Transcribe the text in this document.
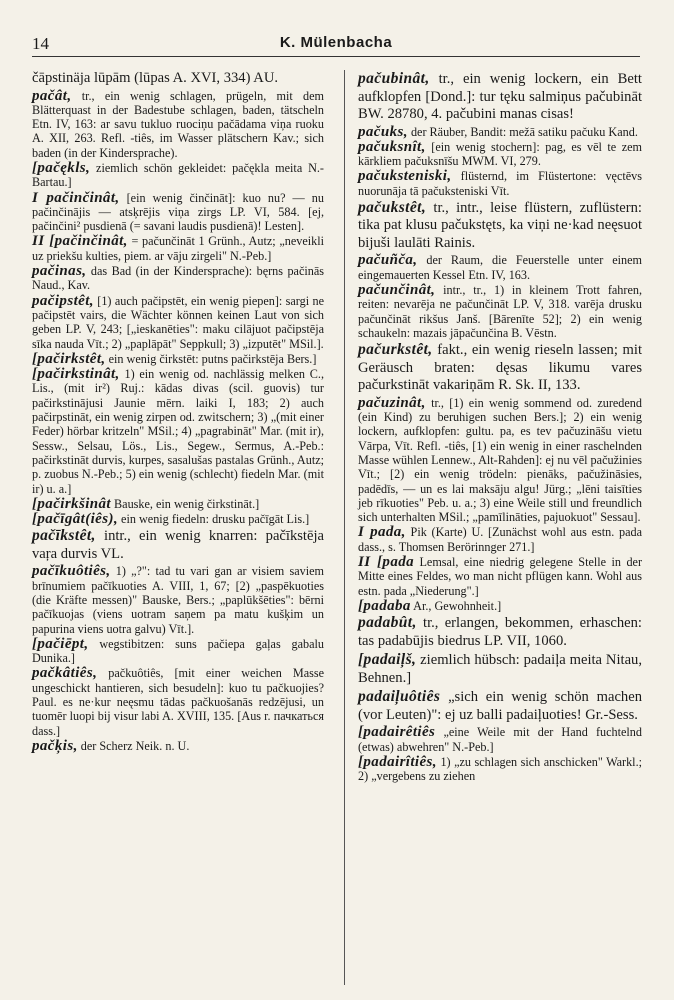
14	K. Mülenbacha

čāpstinäja lūpām (lūpas A. XVI, 334) AU.

pačât, tr., ein wenig schlagen, prügeln, mit dem Blätterquast in der Badestube schlagen, baden, tätscheln Etn. IV, 163: ar savu tukluo ruociņu pačādama viņa ruoku A. XII, 263. Refl. -tiês, im Wasser plätschern Kav.; sich baden (in der Kindersprache).

[pačękls, ziemlich schön gekleidet: pačękla meita N.-Bartau.]

I pačinčinât, [ein wenig činčināt]: kuo nu? — nu pačinčinājis — atsķrējis viņa zirgs LP. VI, 584. [ej, pačinčini² pusdienā (= savani laudis pusdienā)! Lesten].

II [pačinčinât, = pačunčināt 1 Grünh., Autz; „neveikli uz priekšu kulties, piem. ar vāju zirgeli" N.-Peb.]

pačinas, das Bad (in der Kindersprache): bęrns pačinās Naud., Kav.

pačipstêt, [1) auch pačipstēt, ein wenig piepen]: sargi ne pačipstēt vairs, die Wächter können keinen Laut von sich geben LP. V, 243; [„ieskanēties": maku cilājuot pačipstēja sīka nauda Vīt.; 2) „paplāpāt" Seppkull; 3) „izputēt" MSil.].

[pačirkstêt, ein wenig čirkstēt: putns pačirkstēja Bers.]

[pačirkstinât, 1) ein wenig od. nachlässig melken C., Lis., (mit ir²) Ruj.: kādas divas (scil. guovis) tur pačirkstinājusi Jaunie mērn. laiki I, 183; 2) auch pačirpstināt, ein wenig zirpen od. zwitschern; 3) „(mit einer Feder) hörbar kritzeln" MSil.; 4) „pagrabināt" Mar. (mit ir), Sessw., Selsau, Lös., Lis., Segew., Sermus, A.-Peb.: pačirkstināt durvis, kurpes, sasalušas pastalas Grünh., Autz; p. zuobus N.-Peb.; 5) ein wenig (schlecht) fiedeln Mar. (mit ir) u. a.]

[pačirkšinât Bauske, ein wenig čirkstināt.]

[pačīgât(iês), ein wenig fiedeln: drusku pačīgāt Lis.]

pačīkstêt, intr., ein wenig knarren: pačīkstēja vaŗa durvis VL.

pačīkuôtiês, 1) „?": tad tu vari gan ar visiem saviem brīnumiem pačīkuoties A. VIII, 1, 67; [2) „paspēkuoties (die Kräfte messen)" Bauske, Bers.; „paplūkšēties": bērni pačīkuojas (viens uotram saņem pa matu kušķim un papurina viens uotra galvu) Vīt.].

[pačiēpt, wegstibitzen: suns pačiepa gaļas gabalu Dunika.]

pačkâtiês, pačkuôtiês, [mit einer weichen Masse ungeschickt hantieren, sich besudeln]: kuo tu pačkuojies? Paul. es ne·kur neęsmu tādas pačkuošanās redzējusi, un tuomēr luopi bij visur labi A. XVIII, 135. [Aus r. пачкаться dass.]

pačķis, der Scherz Neik. n. U.

pačubinât, tr., ein wenig lockern, ein Bett aufklopfen [Dond.]: tur tęku salmiņus pačubināt BW. 28780, 4. pačubini manas cisas!

pačuks, der Räuber, Bandit: mežā satiku pačuku Kand.

pačuksnît, [ein wenig stochern]: pag, es vēl te zem kārkliem pačuksnīšu MWM. VI, 279.

pačuksteniski, flüsternd, im Flüstertone: vęctēvs nuorunāja tā pačuksteniski Vīt.

pačukstêt, tr., intr., leise flüstern, zuflüstern: tika pat klusu pačukstęts, ka viņi ne·kad neęsuot bijuši laulāti Rainis.

pačuñča, der Raum, die Feuerstelle unter einem eingemauerten Kessel Etn. IV, 163.

pačunčinât, intr., tr., 1) in kleinem Trott fahren, reiten: nevarēja ne pačunčināt LP. V, 318. varēja drusku pačunčināt rikšus Janš. [Bārenīte 52]; 2) ein wenig schaukeln: mazais jāpačunčina B. Vēstn.

pačurkstêt, fakt., ein wenig rieseln lassen; mit Geräusch braten: dęsas likumu vares pačurkstināt vakariņām R. Sk. II, 133.

pačuzinât, tr., [1) ein wenig sommend od. zuredend (ein Kind) zu beruhigen suchen Bers.]; 2) ein wenig lockern, aufklopfen: gultu. pa, es tev pačuzināšu vietu Vārpa, Vīt. Refl. -tiês, [1) ein wenig in einer raschelnden Masse wühlen Lennew., Alt-Rahden]: ej nu vēl pačužinies Vīt.; [2) ein wenig trödeln: pienāks, pačužināsies, padēdīs, — un es lai maksāju algu! Jürg.; „lēni taisīties jeb rīkuoties" Peb. u. a.; 3) eine Weile still und freundlich sich unterhalten MSil.; „pamīlināties, pajuokuot" Sessau].

I pada, Pik (Karte) U. [Zunächst wohl aus estn. pada dass., s. Thomsen Berörinnger 271.]

II [pada Lemsal, eine niedrig gelegene Stelle in der Mitte eines Feldes, wo man nicht pflügen kann. Wohl aus estn. pada „Niederung".]

[padaba Ar., Gewohnheit.]

padabût, tr., erlangen, bekommen, erhaschen: tas padabūjis biedrus LP. VII, 1060.

[padaiļš, ziemlich hübsch: padaiļa meita Nitau, Behnen.]

padaiļuôtiês „sich ein wenig schön machen (vor Leuten)": ej uz balli padaiļuoties! Gr.-Sess.

[padairêtiês „eine Weile mit der Hand fuchtelnd (etwas) abwehren" N.-Peb.]

[padairîtiês, 1) „zu schlagen sich anschicken" Warkl.; 2) „vergebens zu ziehen
